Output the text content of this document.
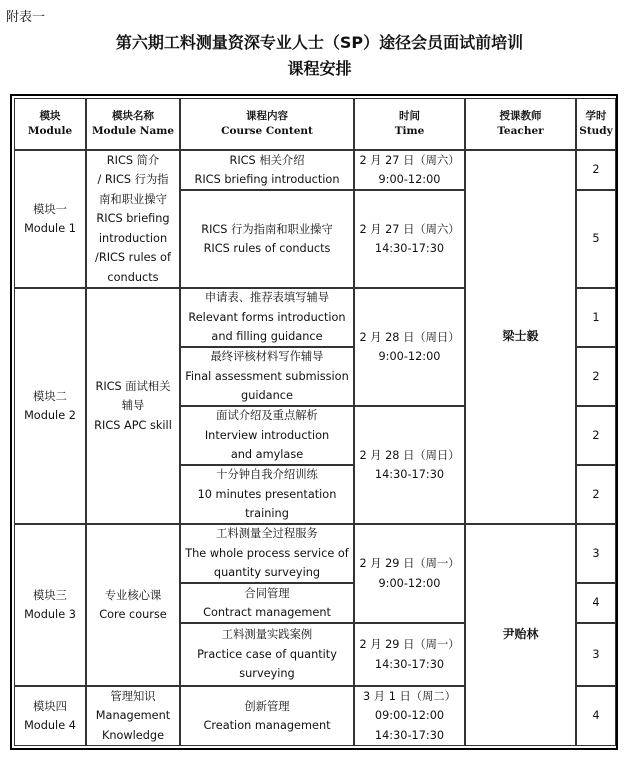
附表一
第六期工料测量资深专业人士（SP）途径会员面试前培训
课程安排
模块
Module
模块名称
Module Name
课程内容
Course Content
时间
Time
授课教师
Teacher
学时
Study
模块一
Module 1
模块二
Module 2
模块三
Module 3
模块四
Module 4
RICS 简介
/ RICS 行为指
南和职业操守
RICS briefing
introduction
/RICS rules of
conducts
RICS 面试相关
辅导
RICS APC skill
专业核心课
Core course
管理知识
Management
Knowledge
RICS 相关介绍
RICS briefing introduction
RICS 行为指南和职业操守
RICS rules of conducts
申请表、推荐表填写辅导
Relevant forms introduction
and filling guidance
最终评核材料写作辅导
Final assessment submission
guidance
面试介绍及重点解析
Interview introduction
and amylase
十分钟自我介绍训练
10 minutes presentation
training
工料测量全过程服务
The whole process service of
quantity surveying
合同管理
Contract management
工料测量实践案例
Practice case of quantity
surveying
创新管理
Creation management
2 月 27 日（周六）
9:00-12:00
2 月 27 日（周六）
14:30-17:30
2 月 28 日（周日）
9:00-12:00
2 月 28 日（周日）
14:30-17:30
2 月 29 日（周一）
9:00-12:00
2 月 29 日（周一）
14:30-17:30
3 月 1 日（周二）
09:00-12:00
14:30-17:30
梁士毅
尹贻林
2
5
1
2
2
2
3
4
3
4
